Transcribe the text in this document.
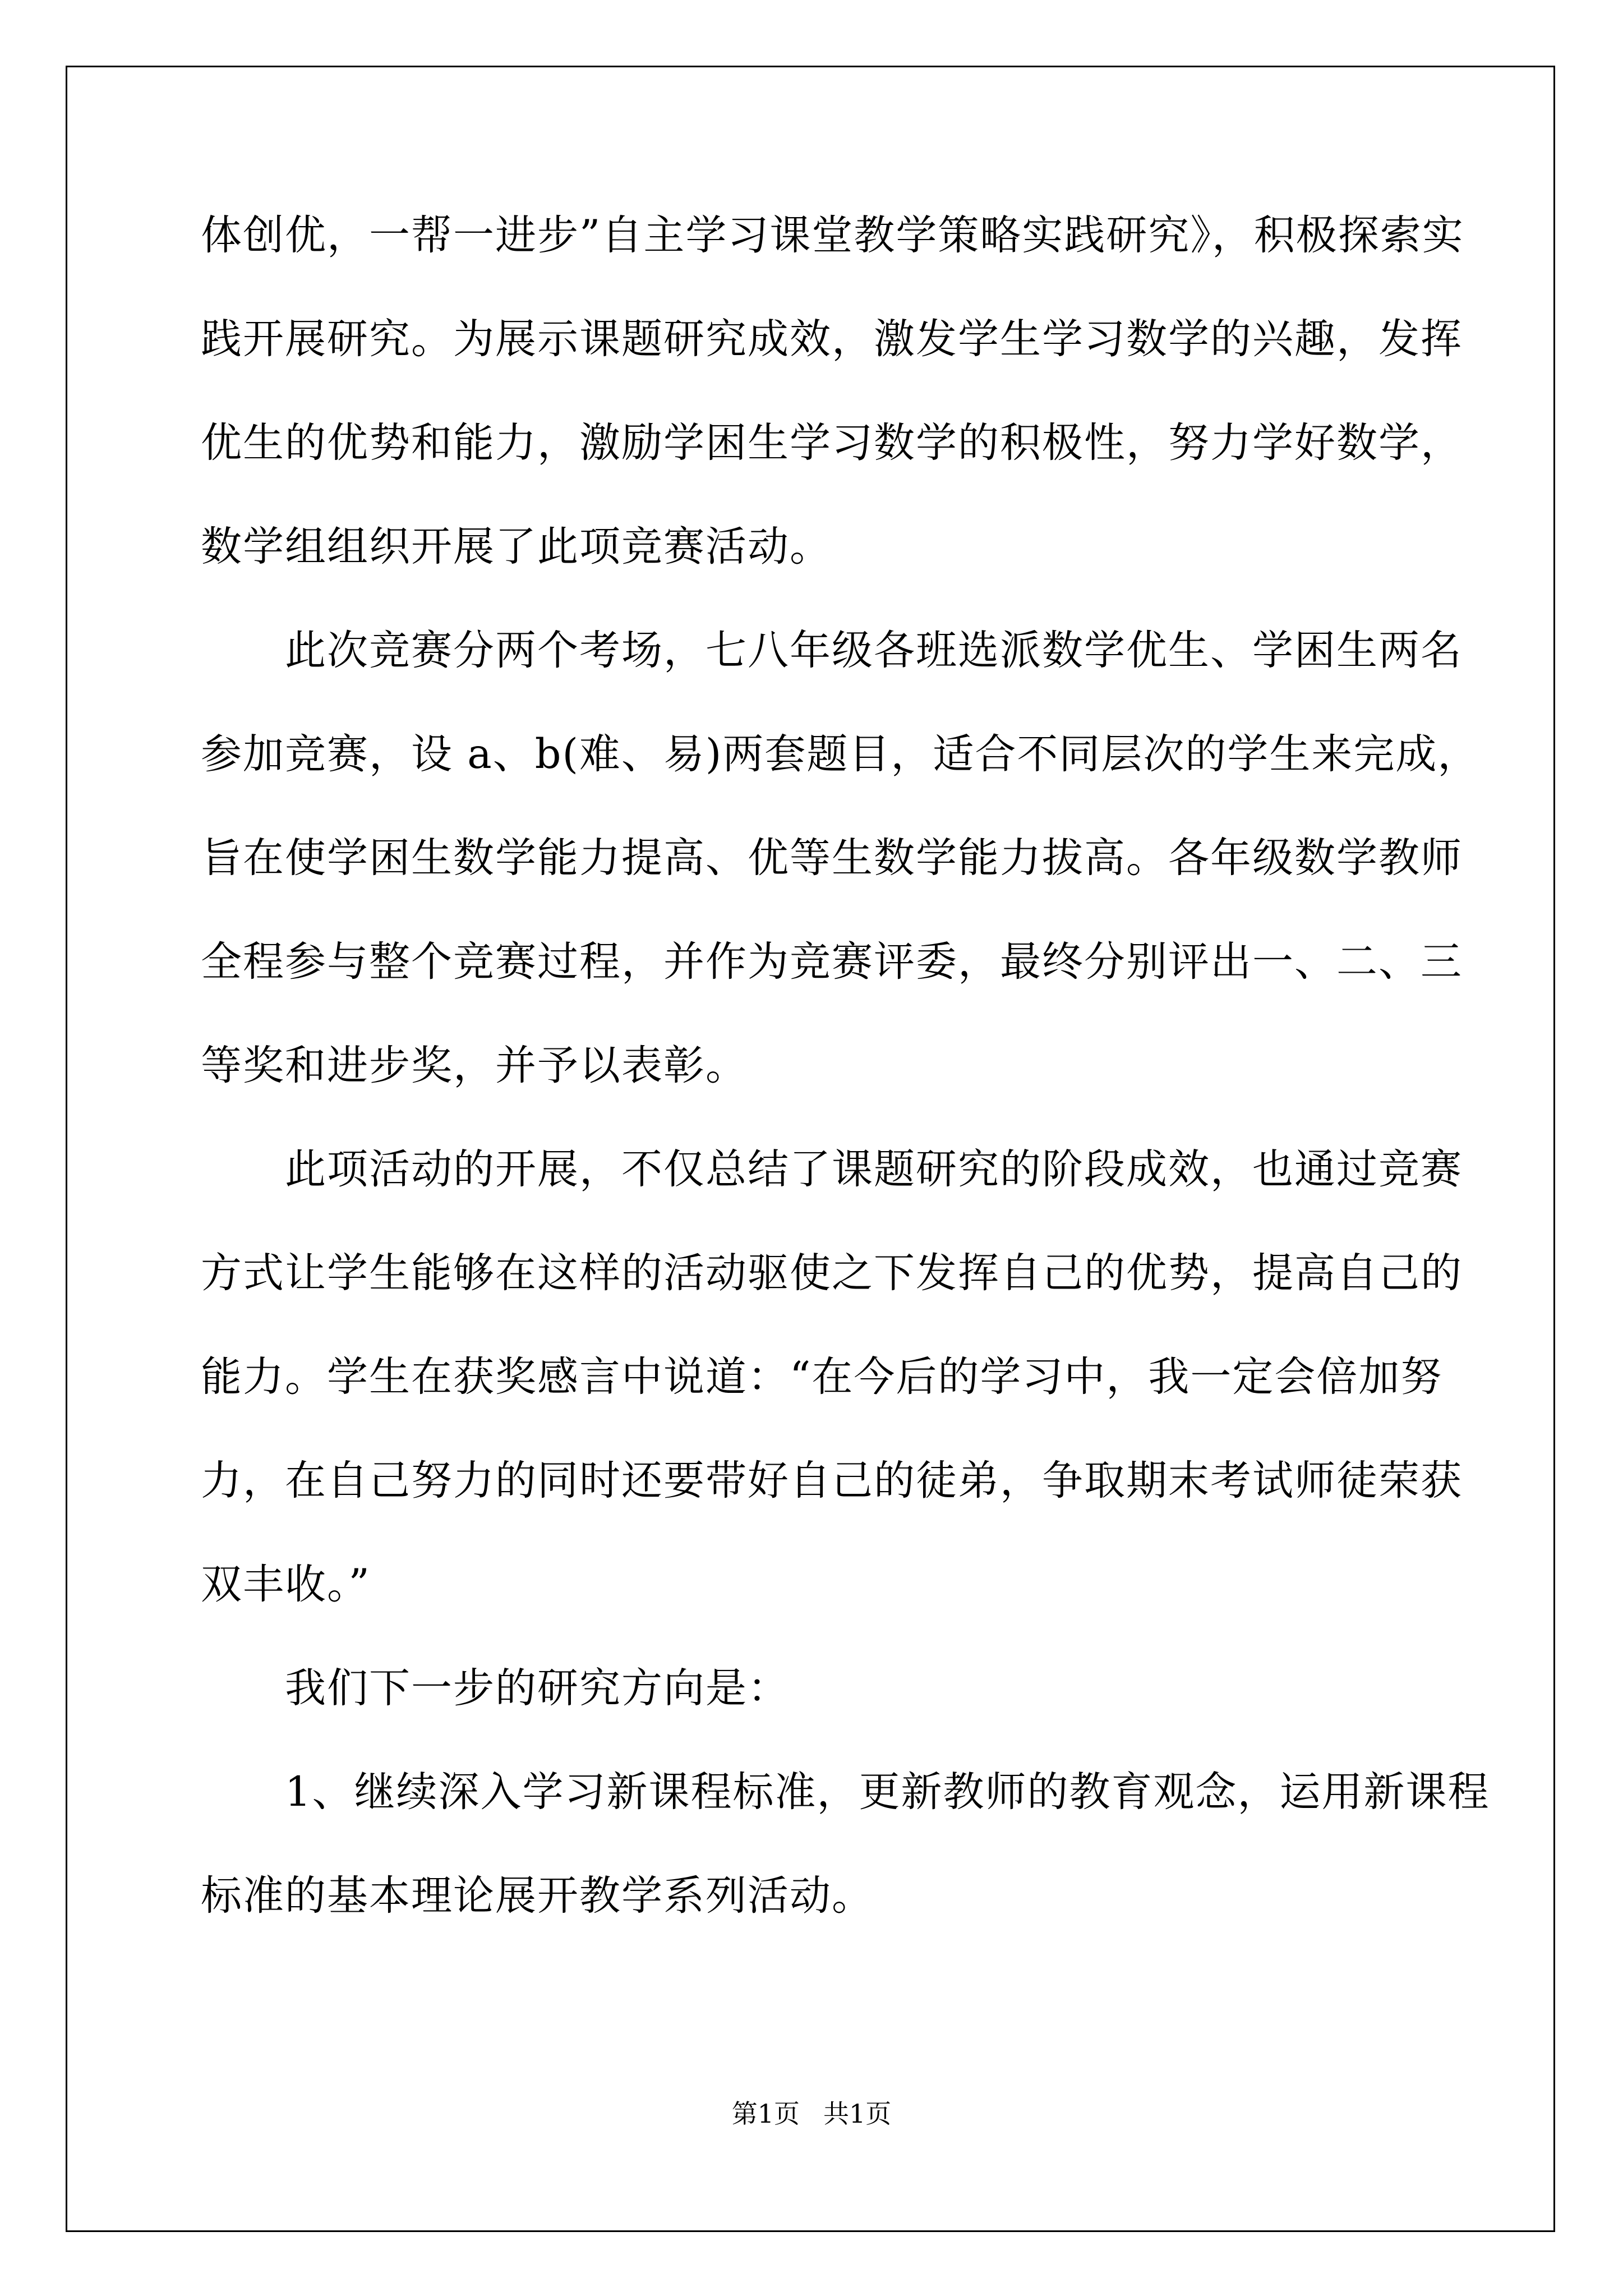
体创优，一帮一进步”自主学习课堂教学策略实践研究》，积极探索实
践开展研究。为展示课题研究成效，激发学生学习数学的兴趣，发挥
优生的优势和能力，激励学困生学习数学的积极性，努力学好数学，
数学组组织开展了此项竞赛活动。
此次竞赛分两个考场，七八年级各班选派数学优生、学困生两名
参加竞赛，设 a、b(难、易)两套题目，适合不同层次的学生来完成，
旨在使学困生数学能力提高、优等生数学能力拔高。各年级数学教师
全程参与整个竞赛过程，并作为竞赛评委，最终分别评出一、二、三
等奖和进步奖，并予以表彰。
此项活动的开展，不仅总结了课题研究的阶段成效，也通过竞赛
方式让学生能够在这样的活动驱使之下发挥自己的优势，提高自己的
能力。学生在获奖感言中说道：“在今后的学习中，我一定会倍加努
力，在自己努力的同时还要带好自己的徒弟，争取期末考试师徒荣获
双丰收。”
我们下一步的研究方向是：
1、继续深入学习新课程标准，更新教师的教育观念，运用新课程
标准的基本理论展开教学系列活动。
第1页 共1页
